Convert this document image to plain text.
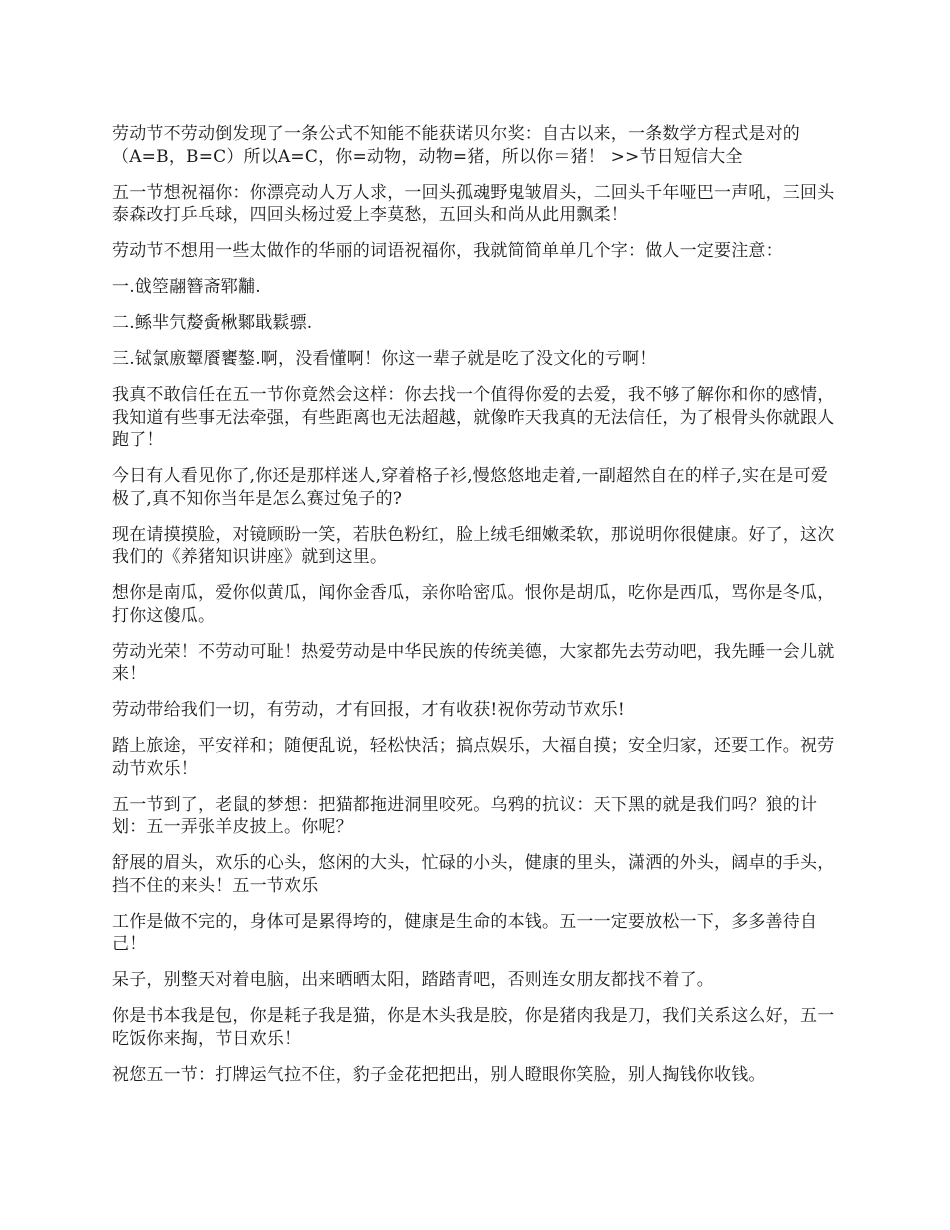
劳动节不劳动倒发现了一条公式不知能不能获诺贝尔奖：自古以来，一条数学方程式是对的（A=B，B=C）所以A=C，你=动物，动物=猪，所以你＝猪！ >>节日短信大全

五一节想祝福你：你漂亮动人万人求，一回头孤魂野鬼皱眉头，二回头千年哑巴一声吼，三回头泰森改打乒乓球，四回头杨过爱上李莫愁，五回头和尚从此用飘柔！

劳动节不想用一些太做作的华丽的词语祝福你，我就简简单单几个字：做人一定要注意：

一.戗箜翮簪斋郓黼.

二.鲧芈氕嫠夤楸鄹戢鬏骠.

三.铽氯廒颦餍饔鏊.啊，没看懂啊！你这一辈子就是吃了没文化的亏啊！

我真不敢信任在五一节你竟然会这样：你去找一个值得你爱的去爱，我不够了解你和你的感情，我知道有些事无法牵强，有些距离也无法超越，就像昨天我真的无法信任，为了根骨头你就跟人跑了！

今日有人看见你了,你还是那样迷人,穿着格子衫,慢悠悠地走着,一副超然自在的样子,实在是可爱极了,真不知你当年是怎么赛过兔子的?

现在请摸摸脸，对镜顾盼一笑，若肤色粉红，脸上绒毛细嫩柔软，那说明你很健康。好了，这次我们的《养猪知识讲座》就到这里。

想你是南瓜，爱你似黄瓜，闻你金香瓜，亲你哈密瓜。恨你是胡瓜，吃你是西瓜，骂你是冬瓜，打你这傻瓜。

劳动光荣！不劳动可耻！热爱劳动是中华民族的传统美德，大家都先去劳动吧，我先睡一会儿就来！

劳动带给我们一切，有劳动，才有回报，才有收获!祝你劳动节欢乐!

踏上旅途，平安祥和；随便乱说，轻松快活；搞点娱乐，大福自摸；安全归家，还要工作。祝劳动节欢乐！

五一节到了，老鼠的梦想：把猫都拖进洞里咬死。乌鸦的抗议：天下黑的就是我们吗？狼的计划：五一弄张羊皮披上。你呢？

舒展的眉头，欢乐的心头，悠闲的大头，忙碌的小头，健康的里头，潇洒的外头，阔卓的手头，挡不住的来头！五一节欢乐

工作是做不完的，身体可是累得垮的，健康是生命的本钱。五一一定要放松一下，多多善待自己！

呆子，别整天对着电脑，出来晒晒太阳，踏踏青吧，否则连女朋友都找不着了。

你是书本我是包，你是耗子我是猫，你是木头我是胶，你是猪肉我是刀，我们关系这么好，五一吃饭你来掏，节日欢乐！

祝您五一节：打牌运气拉不住，豹子金花把把出，别人瞪眼你笑脸，别人掏钱你收钱。
